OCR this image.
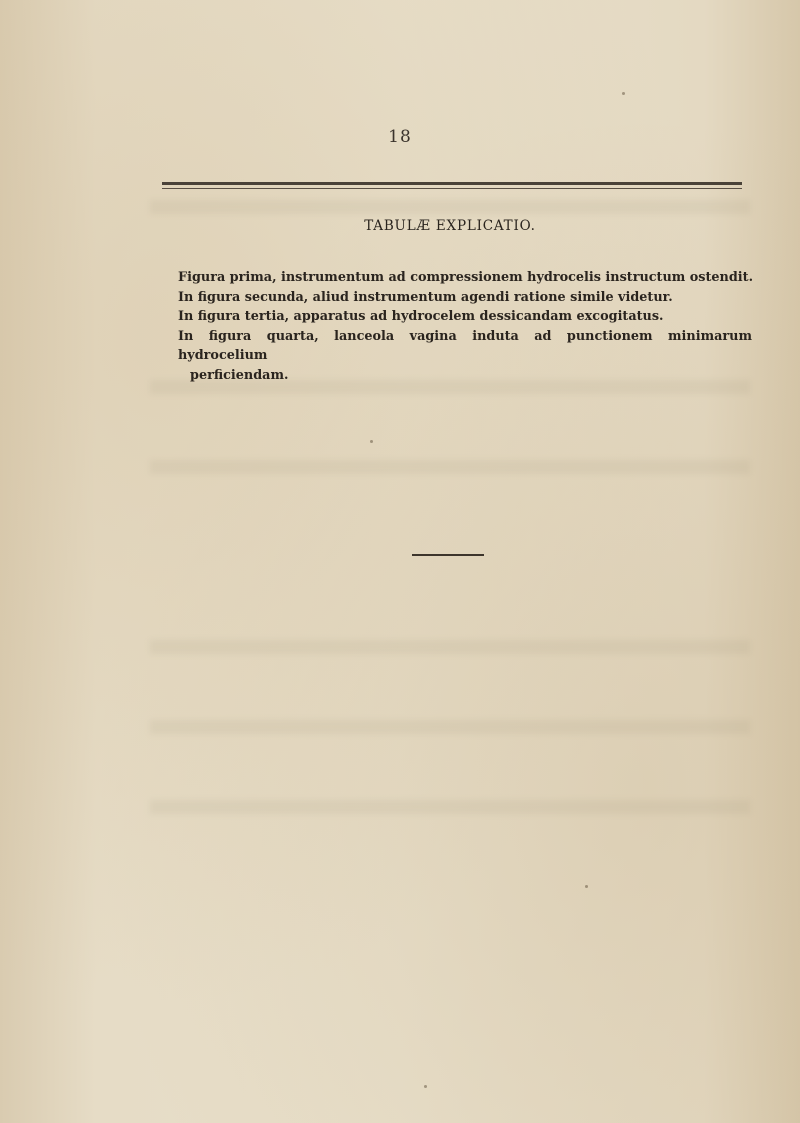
18
TABULÆ EXPLICATIO.
Figura prima, instrumentum ad compressionem hydrocelis instructum ostendit.
In figura secunda, aliud instrumentum agendi ratione simile videtur.
In figura tertia, apparatus ad hydrocelem dessicandam excogitatus.
In figura quarta, lanceola vagina induta ad punctionem minimarum hydrocelium
perficiendam.
